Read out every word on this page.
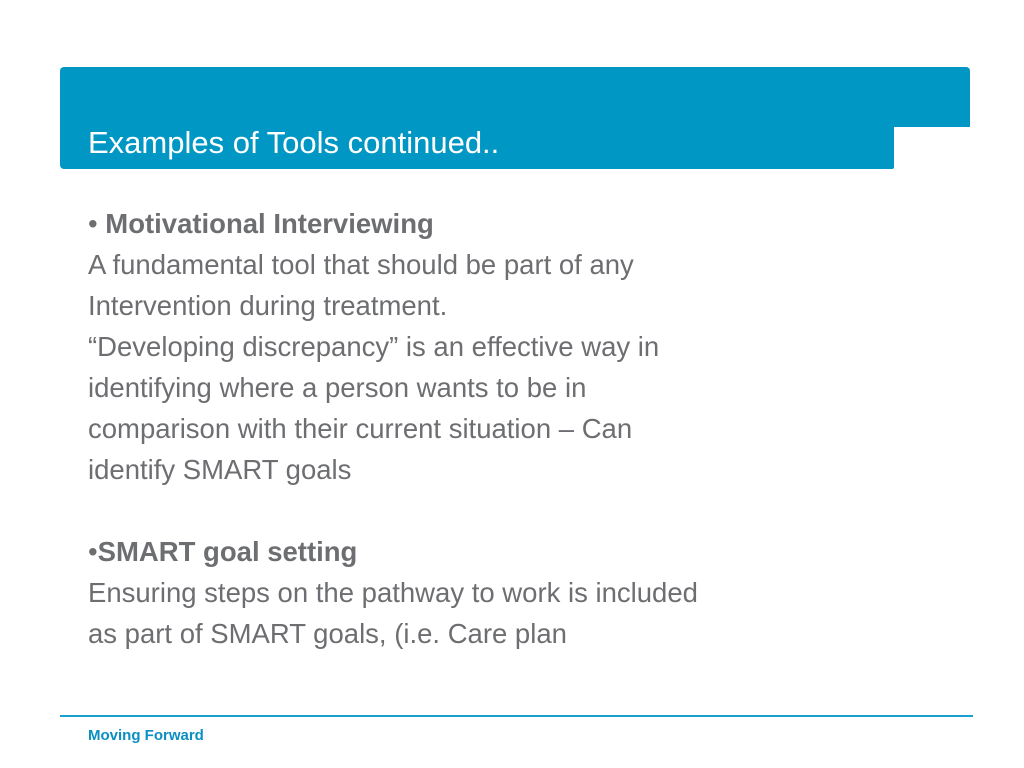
Examples of Tools continued..

• Motivational Interviewing

A fundamental tool that should be part of any

Intervention during treatment.

“Developing discrepancy” is an effective way in

identifying where a person wants to be in

comparison with their current situation – Can

identify SMART goals

•SMART goal setting

Ensuring steps on the pathway to work is included

as part of SMART goals, (i.e. Care plan

Moving Forward
